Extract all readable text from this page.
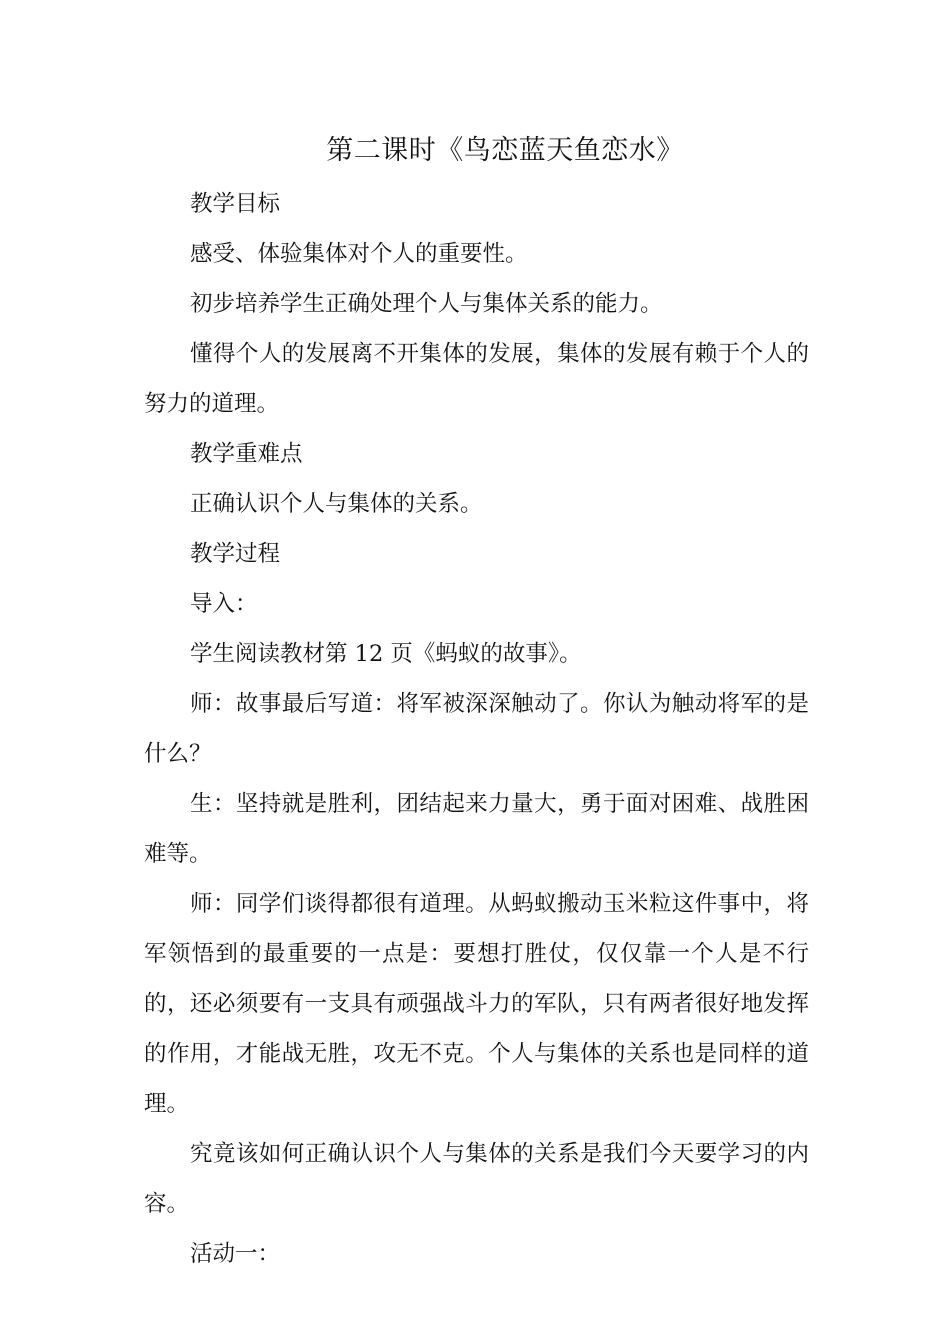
第二课时《鸟恋蓝天鱼恋水》

教学目标

感受、体验集体对个人的重要性。

初步培养学生正确处理个人与集体关系的能力。

懂得个人的发展离不开集体的发展，集体的发展有赖于个人的努力的道理。

教学重难点

正确认识个人与集体的关系。

教学过程

导入：

学生阅读教材第 12 页《蚂蚁的故事》。

师：故事最后写道：将军被深深触动了。你认为触动将军的是什么？

生：坚持就是胜利，团结起来力量大，勇于面对困难、战胜困难等。

师：同学们谈得都很有道理。从蚂蚁搬动玉米粒这件事中，将军领悟到的最重要的一点是：要想打胜仗，仅仅靠一个人是不行的，还必须要有一支具有顽强战斗力的军队，只有两者很好地发挥的作用，才能战无胜，攻无不克。个人与集体的关系也是同样的道理。

究竟该如何正确认识个人与集体的关系是我们今天要学习的内容。

活动一：
